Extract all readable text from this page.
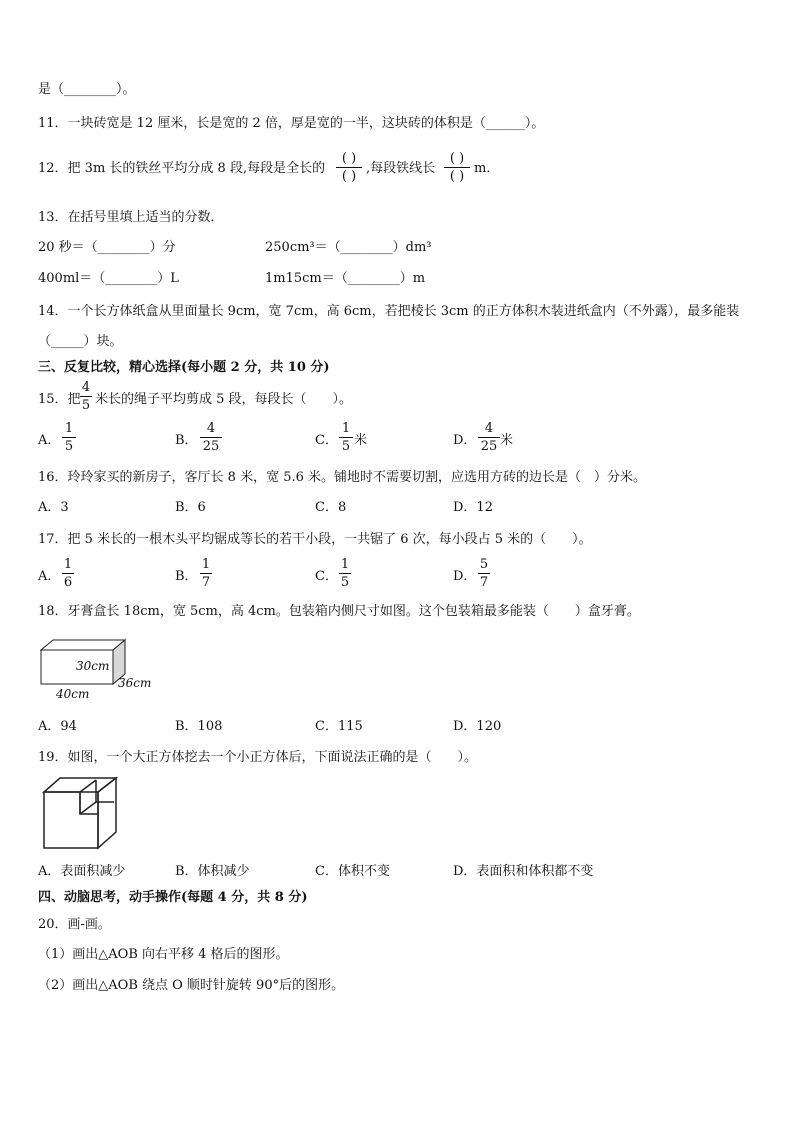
是（________）。
11．一块砖宽是 12 厘米，长是宽的 2 倍，厚是宽的一半，这块砖的体积是（______）。
12．把 3m 长的铁丝平均分成 8 段,每段是全长的
( )
( )
,每段铁线长
( )
( )
m．
13．在括号里填上适当的分数．
20 秒＝（________）分	250cm³＝（________）dm³
400ml＝（________）L	1m15cm＝（________）m
14．一个长方体纸盒从里面量长 9cm，宽 7cm，高 6cm，若把棱长 3cm 的正方体积木装进纸盒内（不外露），最多能装
（_____）块。
三、反复比较，精心选择(每小题 2 分，共 10 分)
15．把
4
5 米长的绳子平均剪成 5 段，每段长（　　）。
A．
1
5	B．
4
25	C．
1
5 米	D．
4
25 米
16．玲玲家买的新房子，客厅长 8 米，宽 5.6 米。铺地时不需要切割，应选用方砖的边长是（　）分米。
A．3	B．6	C．8	D．12
17．把 5 米长的一根木头平均锯成等长的若干小段，一共锯了 6 次，每小段占 5 米的（　　）。
A．
1
6	B．
1
7	C．
1
5	D．
5
7
18．牙膏盒长 18cm，宽 5cm，高 4cm。包装箱内侧尺寸如图。这个包装箱最多能装（　　）盒牙膏。
30cm
36cm
40cm
A．94	B．108	C．115	D．120
19．如图，一个大正方体挖去一个小正方体后，下面说法正确的是（　　）。
A．表面积减少	B．体积减少	C．体积不变	D．表面积和体积都不变
四、动脑思考，动手操作(每题 4 分，共 8 分)
20．画-画。
（1）画出△AOB 向右平移 4 格后的图形。
（2）画出△AOB 绕点 O 顺时针旋转 90°后的图形。
